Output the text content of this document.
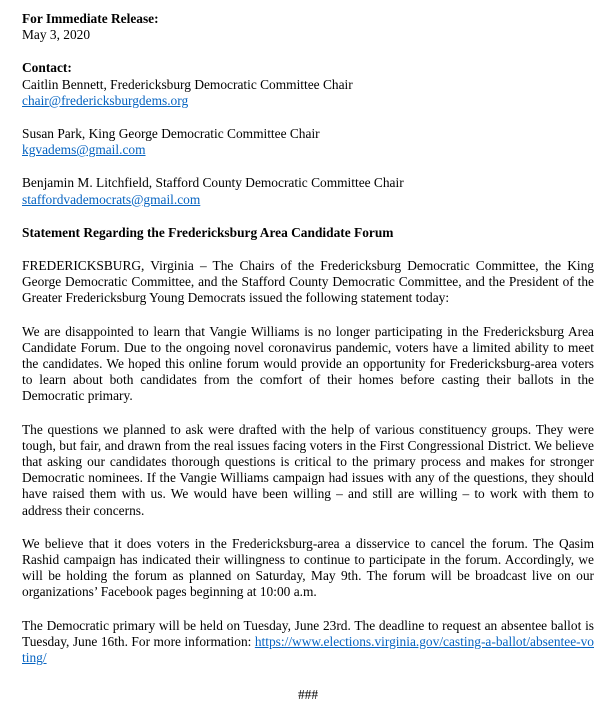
For Immediate Release:

May 3, 2020

Contact:

Caitlin Bennett, Fredericksburg Democratic Committee Chair

chair@fredericksburgdems.org

Susan Park, King George Democratic Committee Chair

kgvadems@gmail.com

Benjamin M. Litchfield, Stafford County Democratic Committee Chair

staffordvademocrats@gmail.com

Statement Regarding the Fredericksburg Area Candidate Forum

FREDERICKSBURG, Virginia – The Chairs of the Fredericksburg Democratic Committee, the King George Democratic Committee, and the Stafford County Democratic Committee, and the President of the Greater Fredericksburg Young Democrats issued the following statement today:

We are disappointed to learn that Vangie Williams is no longer participating in the Fredericksburg Area Candidate Forum. Due to the ongoing novel coronavirus pandemic, voters have a limited ability to meet the candidates. We hoped this online forum would provide an opportunity for Fredericksburg-area voters to learn about both candidates from the comfort of their homes before casting their ballots in the Democratic primary.

The questions we planned to ask were drafted with the help of various constituency groups. They were tough, but fair, and drawn from the real issues facing voters in the First Congressional District. We believe that asking our candidates thorough questions is critical to the primary process and makes for stronger Democratic nominees. If the Vangie Williams campaign had issues with any of the questions, they should have raised them with us. We would have been willing – and still are willing – to work with them to address their concerns.

We believe that it does voters in the Fredericksburg-area a disservice to cancel the forum. The Qasim Rashid campaign has indicated their willingness to continue to participate in the forum. Accordingly, we will be holding the forum as planned on Saturday, May 9th. The forum will be broadcast live on our organizations’ Facebook pages beginning at 10:00 a.m.

The Democratic primary will be held on Tuesday, June 23rd. The deadline to request an absentee ballot is Tuesday, June 16th. For more information: https://www.elections.virginia.gov/casting-a-ballot/absentee-voting/

###
